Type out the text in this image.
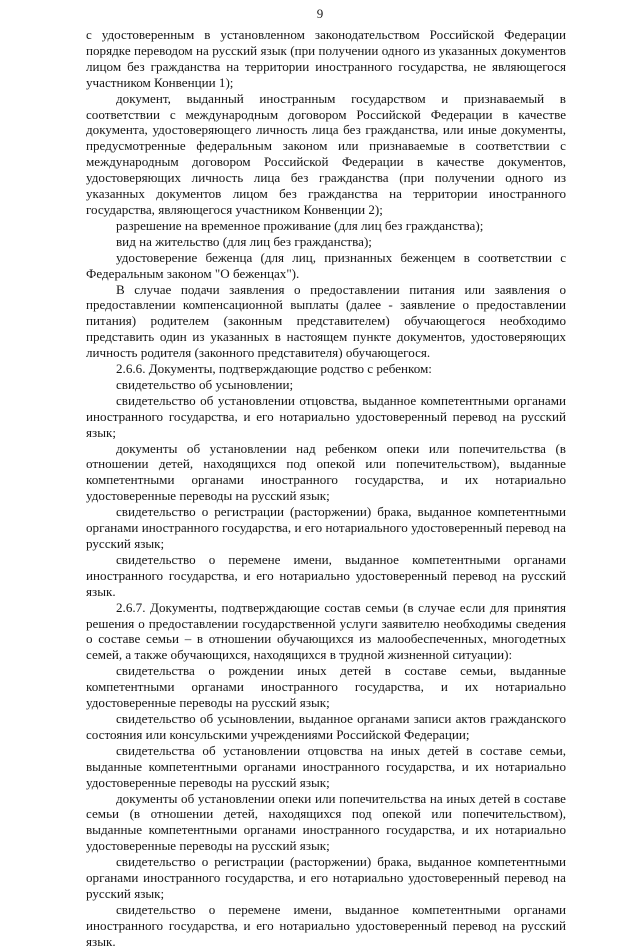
9

с удостоверенным в установленном законодательством Российской Федерации порядке переводом на русский язык (при получении одного из указанных документов лицом без гражданства на территории иностранного государства, не являющегося участником Конвенции 1);

документ, выданный иностранным государством и признаваемый в соответствии с международным договором Российской Федерации в качестве документа, удостоверяющего личность лица без гражданства, или иные документы, предусмотренные федеральным законом или признаваемые в соответствии с международным договором Российской Федерации в качестве документов, удостоверяющих личность лица без гражданства (при получении одного из указанных документов лицом без гражданства на территории иностранного государства, являющегося участником Конвенции 2);

разрешение на временное проживание (для лиц без гражданства);

вид на жительство (для лиц без гражданства);

удостоверение беженца (для лиц, признанных беженцем в соответствии с Федеральным законом "О беженцах").

В случае подачи заявления о предоставлении питания или заявления о предоставлении компенсационной выплаты (далее - заявление о предоставлении питания) родителем (законным представителем) обучающегося необходимо представить один из указанных в настоящем пункте документов, удостоверяющих личность родителя (законного представителя) обучающегося.

2.6.6. Документы, подтверждающие родство с ребенком:

свидетельство об усыновлении;

свидетельство об установлении отцовства, выданное компетентными органами иностранного государства, и его нотариально удостоверенный перевод на русский язык;

документы об установлении над ребенком опеки или попечительства (в отношении детей, находящихся под опекой или попечительством), выданные компетентными органами иностранного государства, и их нотариально удостоверенные переводы на русский язык;

свидетельство о регистрации (расторжении) брака, выданное компетентными органами иностранного государства, и его нотариального удостоверенный перевод на русский язык;

свидетельство о перемене имени, выданное компетентными органами иностранного государства, и его нотариально удостоверенный перевод на русский язык.

2.6.7. Документы, подтверждающие состав семьи (в случае если для принятия решения о предоставлении государственной услуги заявителю необходимы сведения о составе семьи – в отношении обучающихся из малообеспеченных, многодетных семей, а также обучающихся, находящихся в трудной жизненной ситуации):

свидетельства о рождении иных детей в составе семьи, выданные компетентными органами иностранного государства, и их нотариально удостоверенные переводы на русский язык;

свидетельство об усыновлении, выданное органами записи актов гражданского состояния или консульскими учреждениями Российской Федерации;

свидетельства об установлении отцовства на иных детей в составе семьи, выданные компетентными органами иностранного государства, и их нотариально удостоверенные переводы на русский язык;

документы об установлении опеки или попечительства на иных детей в составе семьи (в отношении детей, находящихся под опекой или попечительством), выданные компетентными органами иностранного государства, и их нотариально удостоверенные переводы на русский язык;

свидетельство о регистрации (расторжении) брака, выданное компетентными органами иностранного государства, и его нотариально удостоверенный перевод на русский язык;

свидетельство о перемене имени, выданное компетентными органами иностранного государства, и его нотариально удостоверенный перевод на русский язык.
